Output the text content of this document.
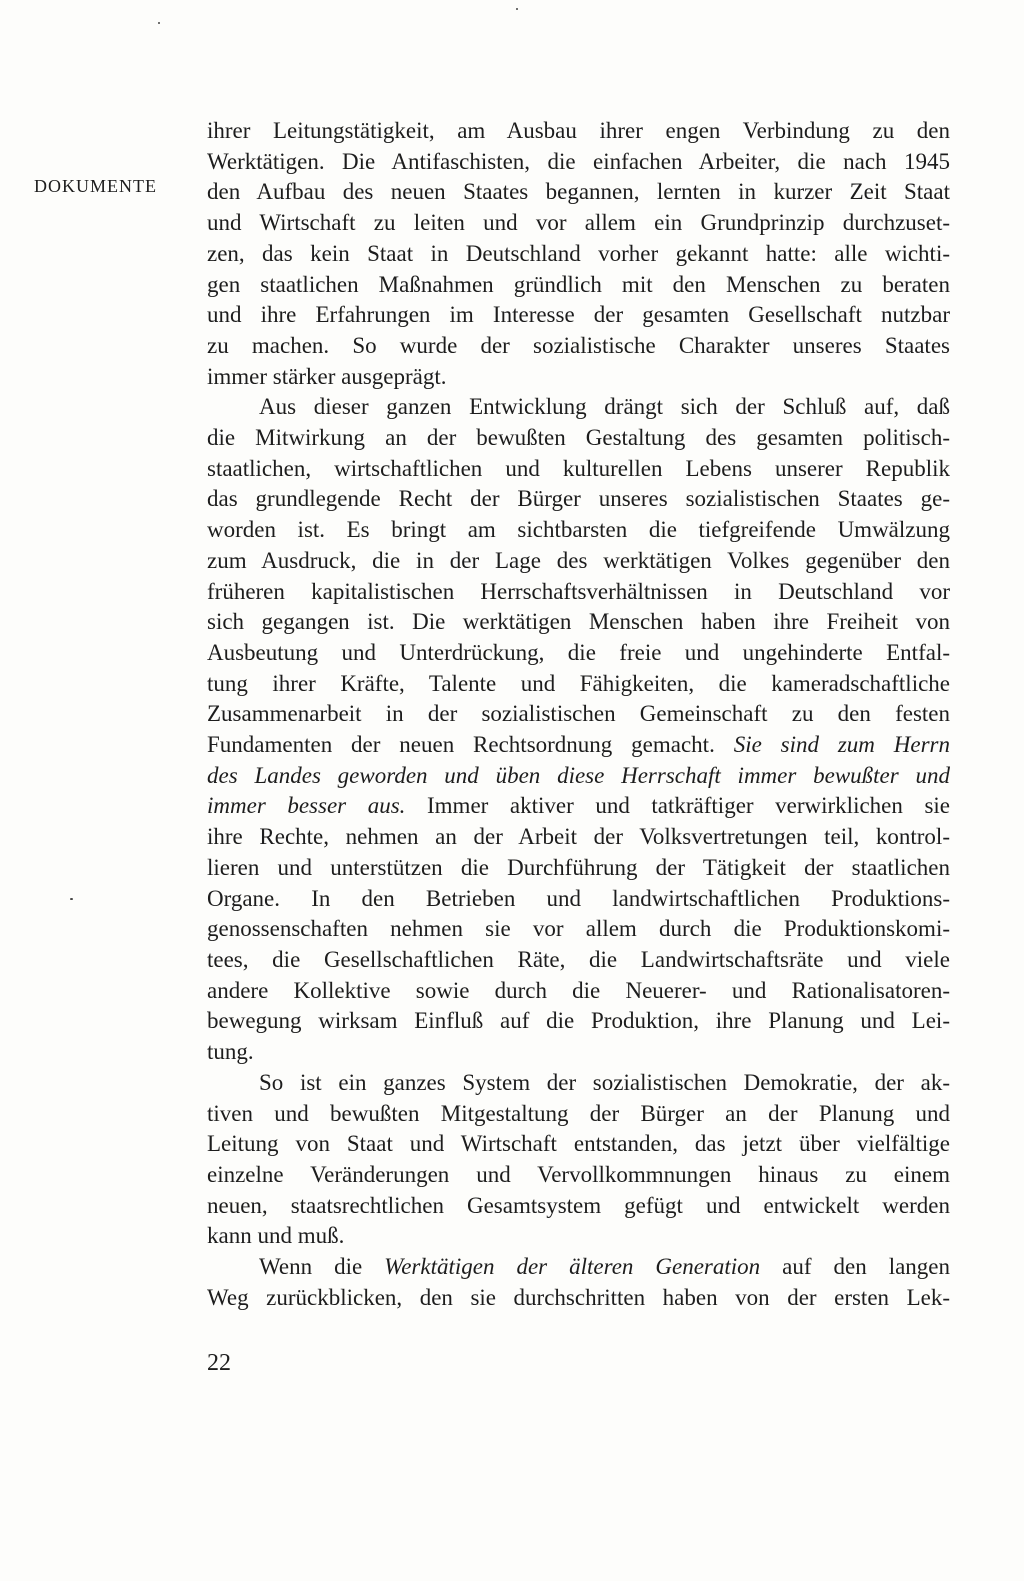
DOKUMENTE
ihrer Leitungstätigkeit, am Ausbau ihrer engen Verbindung zu den
Werktätigen. Die Antifaschisten, die einfachen Arbeiter, die nach 1945
den Aufbau des neuen Staates begannen, lernten in kurzer Zeit Staat
und Wirtschaft zu leiten und vor allem ein Grundprinzip durchzuset-
zen, das kein Staat in Deutschland vorher gekannt hatte: alle wichti-
gen staatlichen Maßnahmen gründlich mit den Menschen zu beraten
und ihre Erfahrungen im Interesse der gesamten Gesellschaft nutzbar
zu machen. So wurde der sozialistische Charakter unseres Staates
immer stärker ausgeprägt.
Aus dieser ganzen Entwicklung drängt sich der Schluß auf, daß
die Mitwirkung an der bewußten Gestaltung des gesamten politisch-
staatlichen, wirtschaftlichen und kulturellen Lebens unserer Republik
das grundlegende Recht der Bürger unseres sozialistischen Staates ge-
worden ist. Es bringt am sichtbarsten die tiefgreifende Umwälzung
zum Ausdruck, die in der Lage des werktätigen Volkes gegenüber den
früheren kapitalistischen Herrschaftsverhältnissen in Deutschland vor
sich gegangen ist. Die werktätigen Menschen haben ihre Freiheit von
Ausbeutung und Unterdrückung, die freie und ungehinderte Entfal-
tung ihrer Kräfte, Talente und Fähigkeiten, die kameradschaftliche
Zusammenarbeit in der sozialistischen Gemeinschaft zu den festen
Fundamenten der neuen Rechtsordnung gemacht. Sie sind zum Herrn
des Landes geworden und üben diese Herrschaft immer bewußter und
immer besser aus. Immer aktiver und tatkräftiger verwirklichen sie
ihre Rechte, nehmen an der Arbeit der Volksvertretungen teil, kontrol-
lieren und unterstützen die Durchführung der Tätigkeit der staatlichen
Organe. In den Betrieben und landwirtschaftlichen Produktions-
genossenschaften nehmen sie vor allem durch die Produktionskomi-
tees, die Gesellschaftlichen Räte, die Landwirtschaftsräte und viele
andere Kollektive sowie durch die Neuerer- und Rationalisatoren-
bewegung wirksam Einfluß auf die Produktion, ihre Planung und Lei-
tung.
So ist ein ganzes System der sozialistischen Demokratie, der ak-
tiven und bewußten Mitgestaltung der Bürger an der Planung und
Leitung von Staat und Wirtschaft entstanden, das jetzt über vielfältige
einzelne Veränderungen und Vervollkommnungen hinaus zu einem
neuen, staatsrechtlichen Gesamtsystem gefügt und entwickelt werden
kann und muß.
Wenn die Werktätigen der älteren Generation auf den langen
Weg zurückblicken, den sie durchschritten haben von der ersten Lek-
22
